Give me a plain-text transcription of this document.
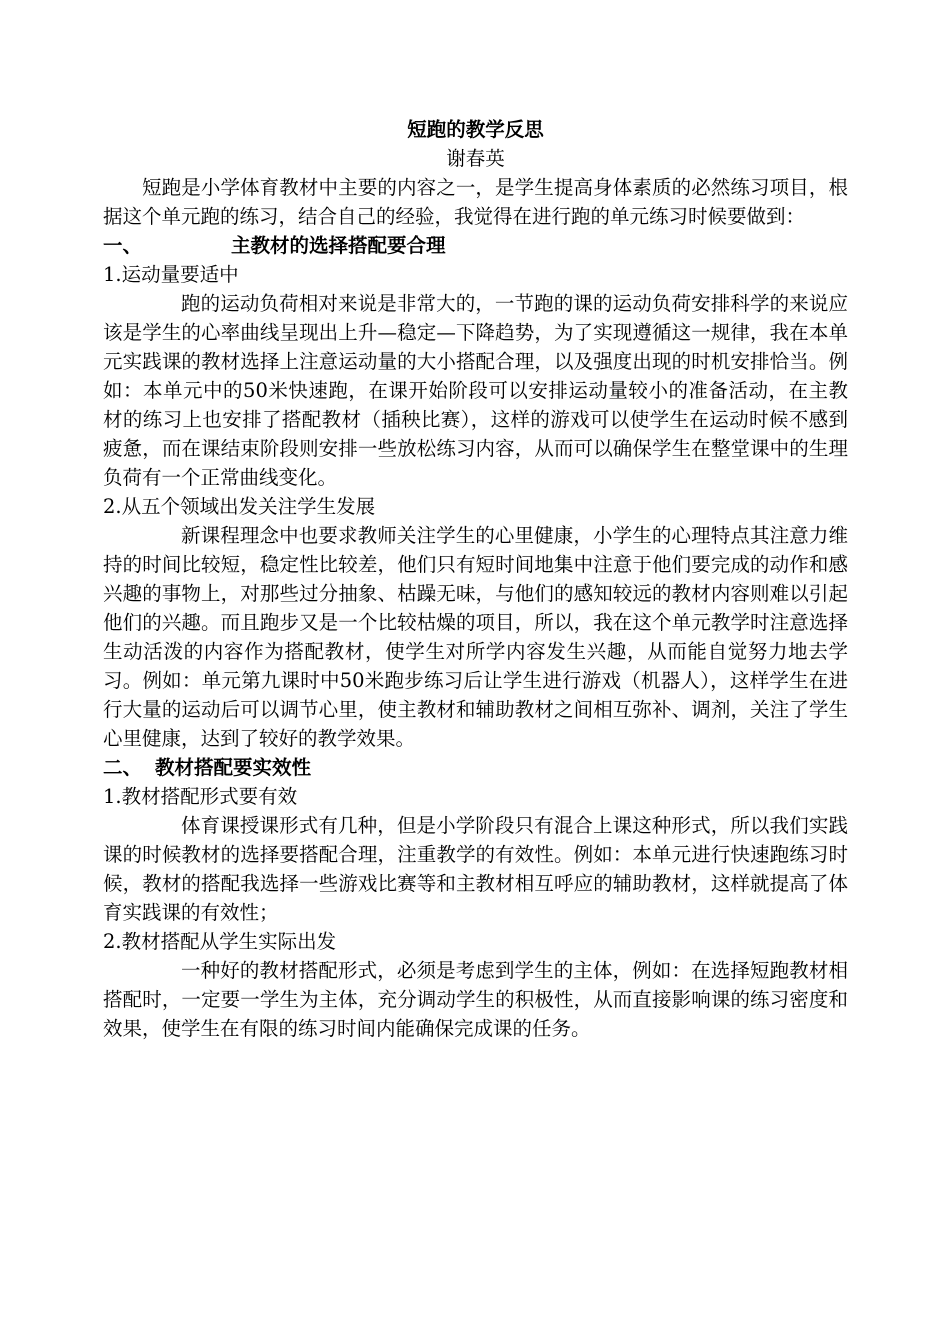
短跑的教学反思

谢春英

短跑是小学体育教材中主要的内容之一，是学生提高身体素质的必然练习项目，根据这个单元跑的练习，结合自己的经验，我觉得在进行跑的单元练习时候要做到：

一、	主教材的选择搭配要合理

1.运动量要适中

跑的运动负荷相对来说是非常大的，一节跑的课的运动负荷安排科学的来说应该是学生的心率曲线呈现出上升—稳定—下降趋势，为了实现遵循这一规律，我在本单元实践课的教材选择上注意运动量的大小搭配合理，以及强度出现的时机安排恰当。例如：本单元中的50米快速跑，在课开始阶段可以安排运动量较小的准备活动，在主教材的练习上也安排了搭配教材（插秧比赛），这样的游戏可以使学生在运动时候不感到疲惫，而在课结束阶段则安排一些放松练习内容，从而可以确保学生在整堂课中的生理负荷有一个正常曲线变化。

2.从五个领域出发关注学生发展

新课程理念中也要求教师关注学生的心里健康，小学生的心理特点其注意力维持的时间比较短，稳定性比较差，他们只有短时间地集中注意于他们要完成的动作和感兴趣的事物上，对那些过分抽象、枯躁无味，与他们的感知较远的教材内容则难以引起他们的兴趣。而且跑步又是一个比较枯燥的项目，所以，我在这个单元教学时注意选择生动活泼的内容作为搭配教材，使学生对所学内容发生兴趣，从而能自觉努力地去学习。例如：单元第九课时中50米跑步练习后让学生进行游戏（机器人），这样学生在进行大量的运动后可以调节心里，使主教材和辅助教材之间相互弥补、调剂，关注了学生心里健康，达到了较好的教学效果。

二、 教材搭配要实效性

1.教材搭配形式要有效

体育课授课形式有几种，但是小学阶段只有混合上课这种形式，所以我们实践课的时候教材的选择要搭配合理，注重教学的有效性。例如：本单元进行快速跑练习时候，教材的搭配我选择一些游戏比赛等和主教材相互呼应的辅助教材，这样就提高了体育实践课的有效性；

2.教材搭配从学生实际出发

一种好的教材搭配形式，必须是考虑到学生的主体，例如：在选择短跑教材相搭配时，一定要一学生为主体，充分调动学生的积极性，从而直接影响课的练习密度和效果，使学生在有限的练习时间内能确保完成课的任务。
